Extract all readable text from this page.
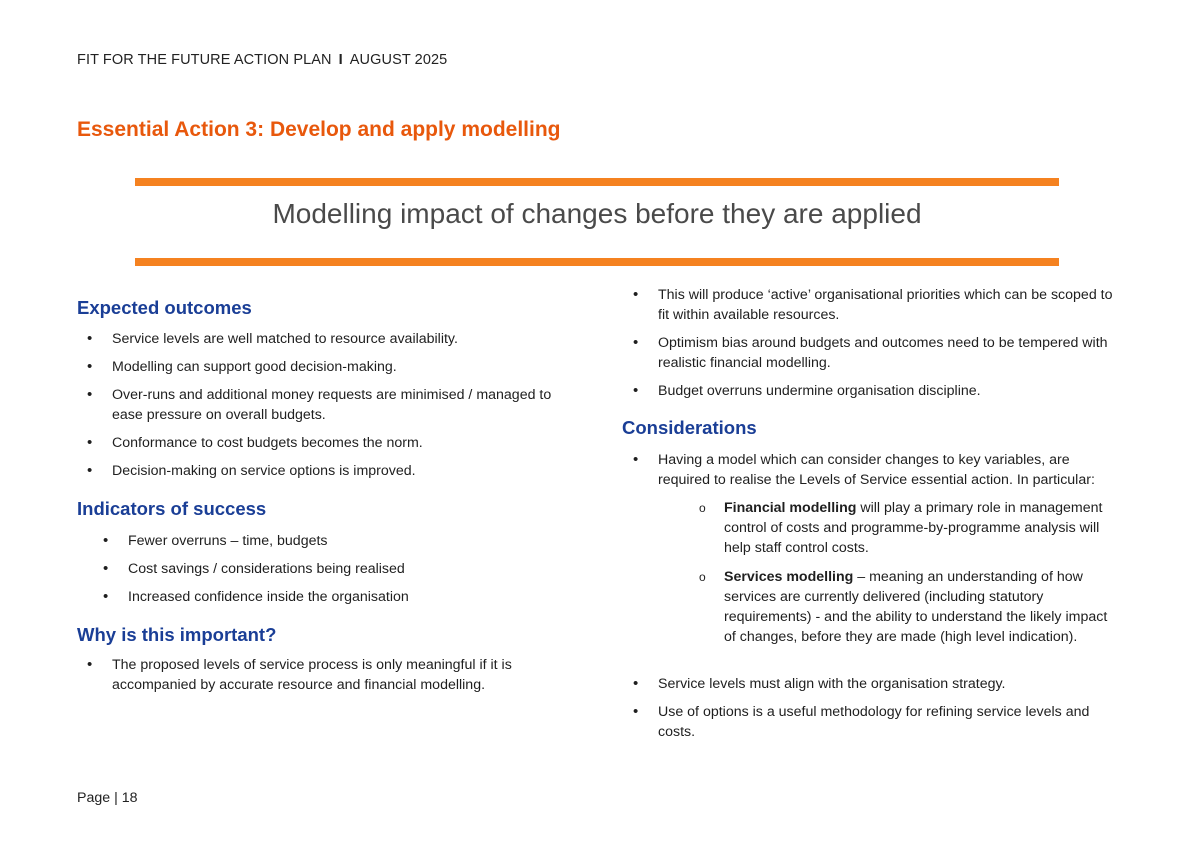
FIT FOR THE FUTURE ACTION PLAN I AUGUST 2025
Essential Action 3: Develop and apply modelling
Modelling impact of changes before they are applied
Expected outcomes
• Service levels are well matched to resource availability.
• Modelling can support good decision-making.
• Over-runs and additional money requests are minimised / managed to ease pressure on overall budgets.
• Conformance to cost budgets becomes the norm.
• Decision-making on service options is improved.
Indicators of success
• Fewer overruns – time, budgets
• Cost savings / considerations being realised
• Increased confidence inside the organisation
Why is this important?
• The proposed levels of service process is only meaningful if it is accompanied by accurate resource and financial modelling.
• This will produce ‘active’ organisational priorities which can be scoped to fit within available resources.
• Optimism bias around budgets and outcomes need to be tempered with realistic financial modelling.
• Budget overruns undermine organisation discipline.
Considerations
• Having a model which can consider changes to key variables, are required to realise the Levels of Service essential action. In particular:
o Financial modelling will play a primary role in management control of costs and programme-by-programme analysis will help staff control costs.
o Services modelling – meaning an understanding of how services are currently delivered (including statutory requirements) - and the ability to understand the likely impact of changes, before they are made (high level indication).
• Service levels must align with the organisation strategy.
• Use of options is a useful methodology for refining service levels and costs.
Page | 18
